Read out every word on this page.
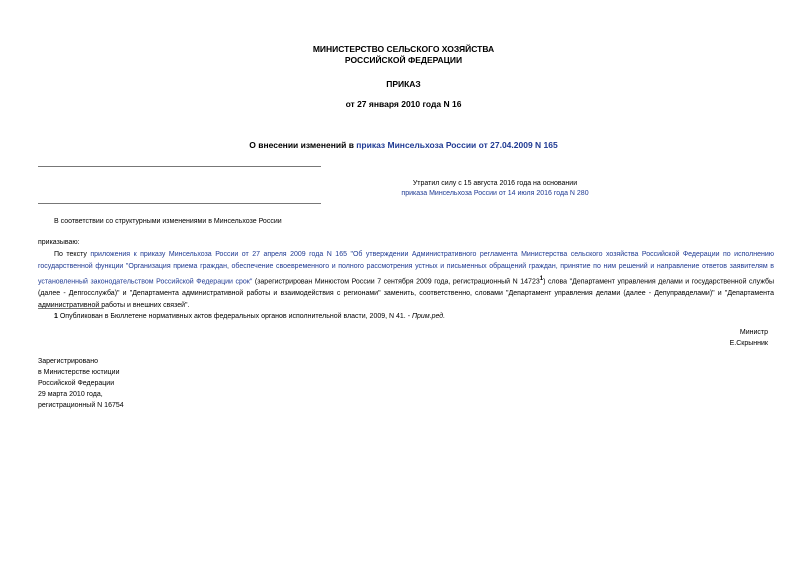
МИНИСТЕРСТВО СЕЛЬСКОГО ХОЗЯЙСТВА
РОССИЙСКОЙ ФЕДЕРАЦИИ
ПРИКАЗ
от 27 января 2010 года N 16
О внесении изменений в приказ Минсельхоза России от 27.04.2009 N 165
Утратил силу с 15 августа 2016 года на основании
приказа Минсельхоза России от 14 июля 2016 года N 280
В соответствии со структурными изменениями в Минсельхозе России
приказываю:
По тексту приложения к приказу Минсельхоза России от 27 апреля 2009 года N 165 "Об утверждении Административного регламента Министерства сельского хозяйства Российской Федерации по исполнению государственной функции "Организация приема граждан, обеспечение своевременного и полного рассмотрения устных и письменных обращений граждан, принятие по ним решений и направление ответов заявителям в установленный законодательством Российской Федерации срок" (зарегистрирован Минюстом России 7 сентября 2009 года, регистрационный N 14723$^1$) слова "Департамент управления делами и государственной службы (далее - Депгосслужба)" и "Департамента административной работы и взаимодействия с регионами" заменить, соответственно, словами "Департамент управления делами (далее - Депуправделами)" и "Департамента административной работы и внешних связей".
1 Опубликован в Бюллетене нормативных актов федеральных органов исполнительной власти, 2009, N 41. - Прим.ред.
Министр
Е.Скрынник
Зарегистрировано
в Министерстве юстиции
Российской Федерации
29 марта 2010 года,
регистрационный N 16754
